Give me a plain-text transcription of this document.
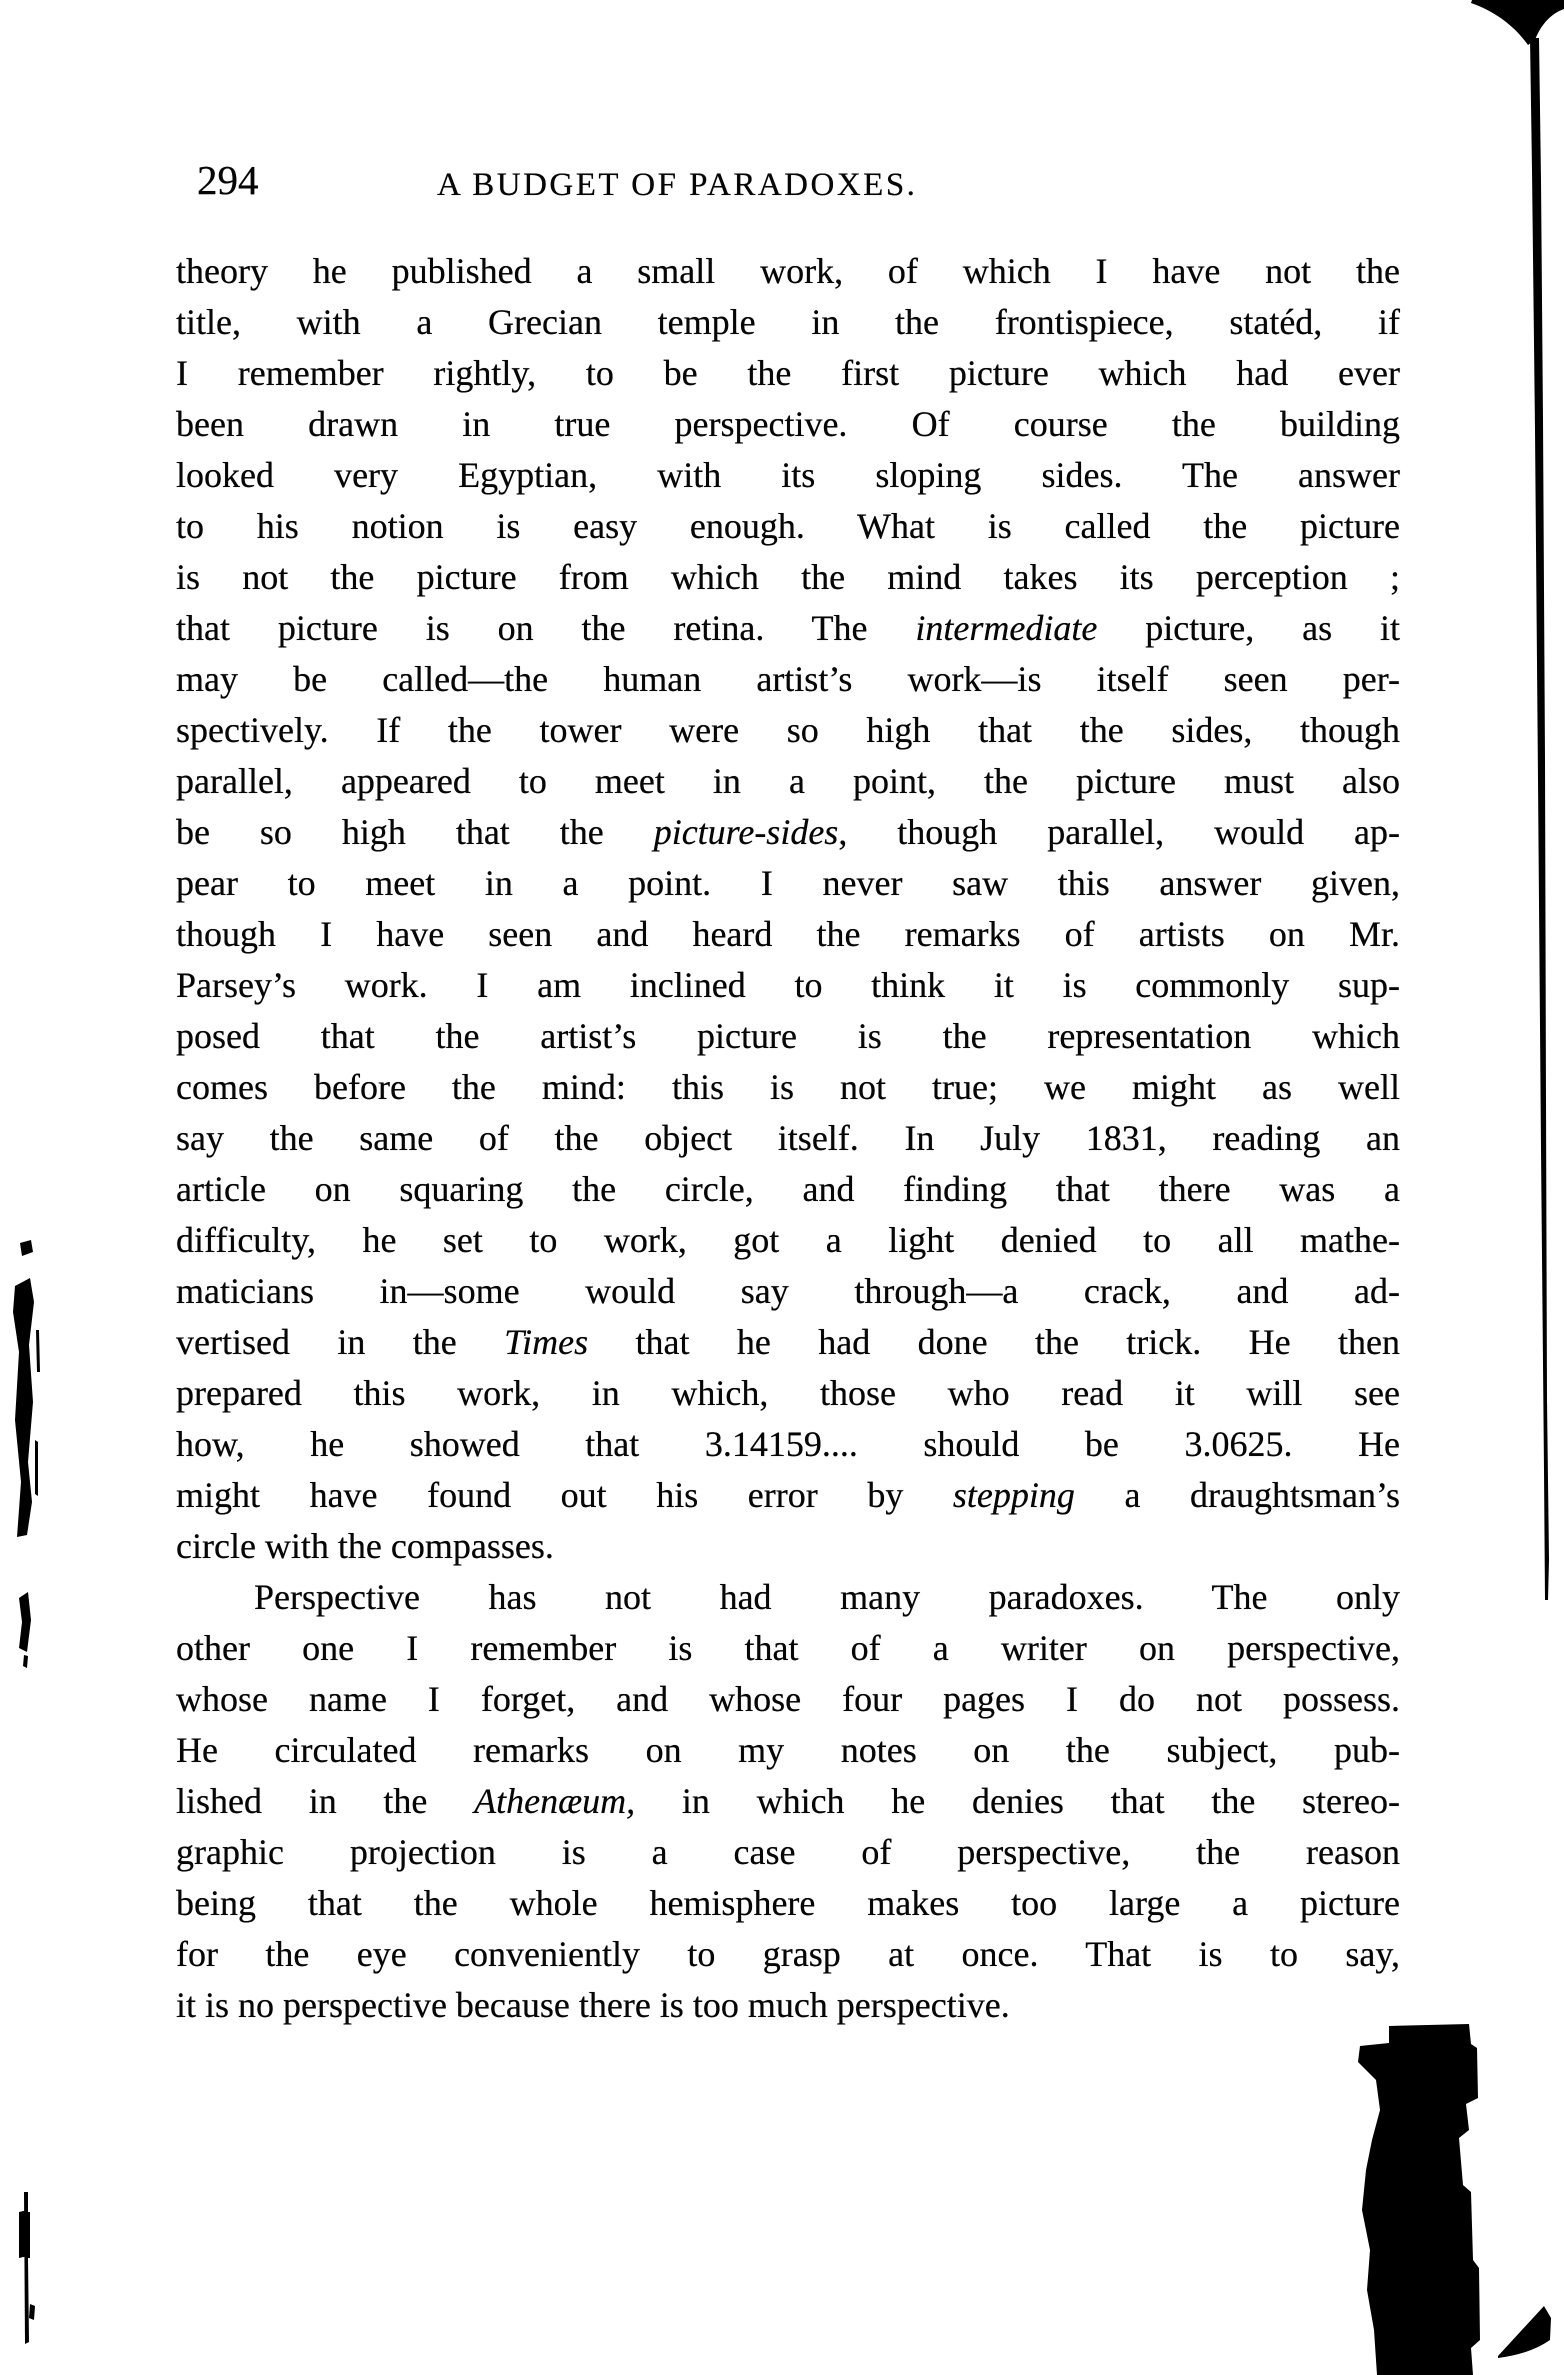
294	A BUDGET OF PARADOXES.
theory he published a small work, of which I have not the
title, with a Grecian temple in the frontispiece, statéd, if
I remember rightly, to be the first picture which had ever
been drawn in true perspective. Of course the building
looked very Egyptian, with its sloping sides. The answer
to his notion is easy enough. What is called the picture
is not the picture from which the mind takes its perception ;
that picture is on the retina. The intermediate picture, as it
may be called—the human artist’s work—is itself seen per-
spectively. If the tower were so high that the sides, though
parallel, appeared to meet in a point, the picture must also
be so high that the picture-sides, though parallel, would ap-
pear to meet in a point. I never saw this answer given,
though I have seen and heard the remarks of artists on Mr.
Parsey’s work. I am inclined to think it is commonly sup-
posed that the artist’s picture is the representation which
comes before the mind: this is not true; we might as well
say the same of the object itself. In July 1831, reading an
article on squaring the circle, and finding that there was a
difficulty, he set to work, got a light denied to all mathe-
maticians in—some would say through—a crack, and ad-
vertised in the Times that he had done the trick. He then
prepared this work, in which, those who read it will see
how, he showed that 3.14159.... should be 3.0625. He
might have found out his error by stepping a draughtsman’s
circle with the compasses.
Perspective has not had many paradoxes. The only
other one I remember is that of a writer on perspective,
whose name I forget, and whose four pages I do not possess.
He circulated remarks on my notes on the subject, pub-
lished in the Athenæum, in which he denies that the stereo-
graphic projection is a case of perspective, the reason
being that the whole hemisphere makes too large a picture
for the eye conveniently to grasp at once. That is to say,
it is no perspective because there is too much perspective.
